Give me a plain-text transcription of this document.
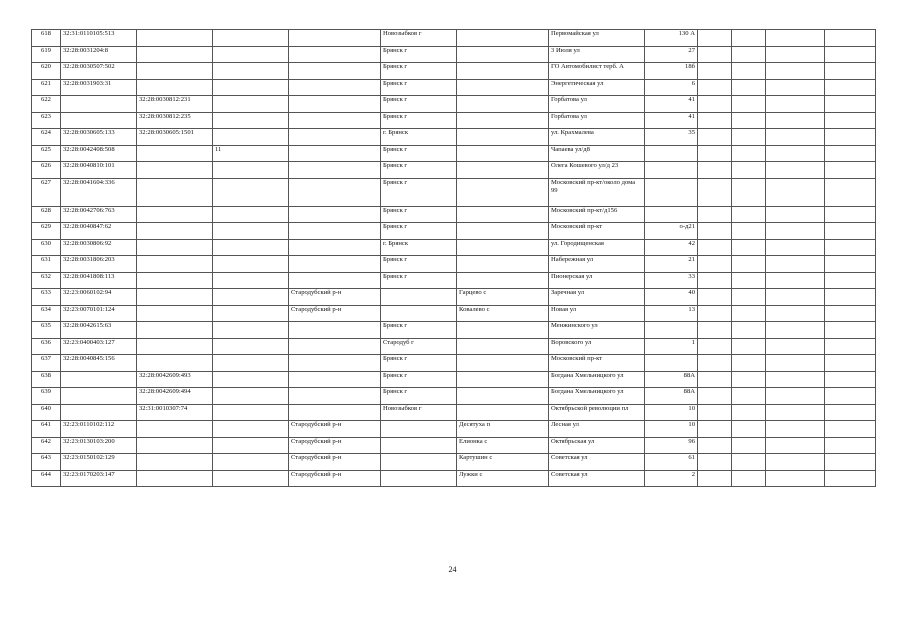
618	32:31:0110105:513				Новозыбков г		Первомайская ул	130 А				
619	32:28:0031204:8				Брянск г		3 Июля ул	27				
620	32:28:0030507:502				Брянск г		ГО Автомобилист терб. А	18б				
621	32:28:0031903:31				Брянск г		Энергетическая ул	6				
622		32:28:0030812:231			Брянск г		Горбатова ул	41				
623		32:28:0030812:235			Брянск г		Горбатова ул	41				
624	32:28:0030605:133	32:28:0030605:1501			г. Брянск		ул. Крахмалева	35				
625	32:28:0042408:508		11		Брянск г		Чапаева ул/д8					
626	32:28:0040810:101				Брянск г		Олега Кошевого ул/д 23					
627	32:28:0041604:336				Брянск г		Московский пр-кт/около дома 99					
628	32:28:0042706:763				Брянск г		Московский пр-кт/д156					
629	32:28:0040847:62				Брянск г		Московский пр-кт	о-д21				
630	32:28:0030806:92				г. Брянск		ул. Городищенская	42				
631	32:28:0031806:203				Брянск г		Набережная ул	21				
632	32:28:0041808:113				Брянск г		Пионерская ул	33				
633	32:23:0060102:94			Стародубский р-н		Гарцево с	Заречная ул	40				
634	32:23:0070101:124			Стародубский р-н		Ковалево с	Новая ул	13				
635	32:28:0042615:63				Брянск г		Менжинского ул					
636	32:23:0400403:127				Стародуб г		Воровского ул	1				
637	32:28:0040845:156				Брянск г		Московский пр-кт					
638		32:28:0042609:493			Брянск г		Богдана Хмельницкого ул	88А				
639		32:28:0042609:494			Брянск г		Богдана Хмельницкого ул	88А				
640		32:31:0010307:74			Новозыбков г		Октябрьской революции пл	10				
641	32:23:0110102:112			Стародубский р-н		Десятуха п	Лесная ул	10				
642	32:23:0130103:200			Стародубский р-н		Елионка с	Октябрьская ул	96				
643	32:23:0150102:129			Стародубский р-н		Картушин с	Советская ул	61				
644	32:23:0170203:147			Стародубский р-н		Лужки с	Советская ул	2				
24
